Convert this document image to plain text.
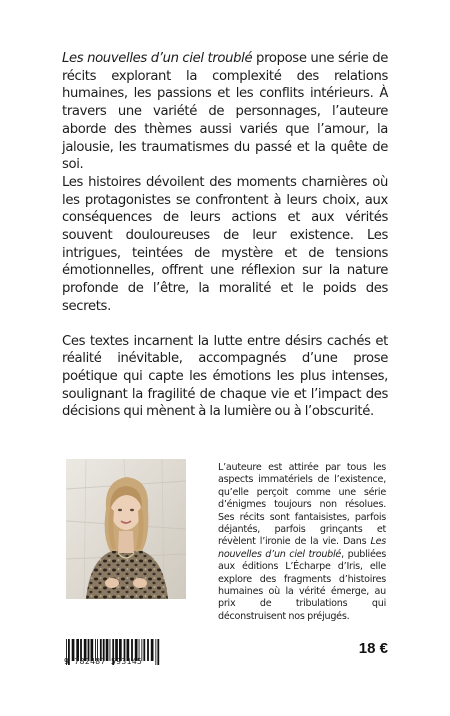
Les nouvelles d’un ciel troublé propose une série de récits explorant la complexité des relations humaines, les passions et les conflits intérieurs. À travers une variété de personnages, l’auteure aborde des thèmes aussi variés que l’amour, la jalousie, les traumatismes du passé et la quête de soi.

Les histoires dévoilent des moments charnières où les protagonistes se confrontent à leurs choix, aux conséquences de leurs actions et aux vérités souvent douloureuses de leur existence. Les intrigues, teintées de mystère et de tensions émotionnelles, offrent une réflexion sur la nature profonde de l’être, la moralité et le poids des secrets.

Ces textes incarnent la lutte entre désirs cachés et réalité inévitable, accompagnés d’une prose poétique qui capte les émotions les plus intenses, soulignant la fragilité de chaque vie et l’impact des décisions qui mènent à la lumière ou à l’obscurité.

L’auteure est attirée par tous les aspects immatériels de l’existence, qu’elle perçoit comme une série d’énigmes toujours non résolues. Ses récits sont fantaisistes, parfois déjantés, parfois grinçants et révèlent l’ironie de la vie. Dans Les nouvelles d’un ciel troublé, publiées aux éditions L’Écharpe d’Iris, elle explore des fragments d’histoires humaines où la vérité émerge, au prix de tribulations qui déconstruisent nos préjugés.
9 782487 593145
18 €
